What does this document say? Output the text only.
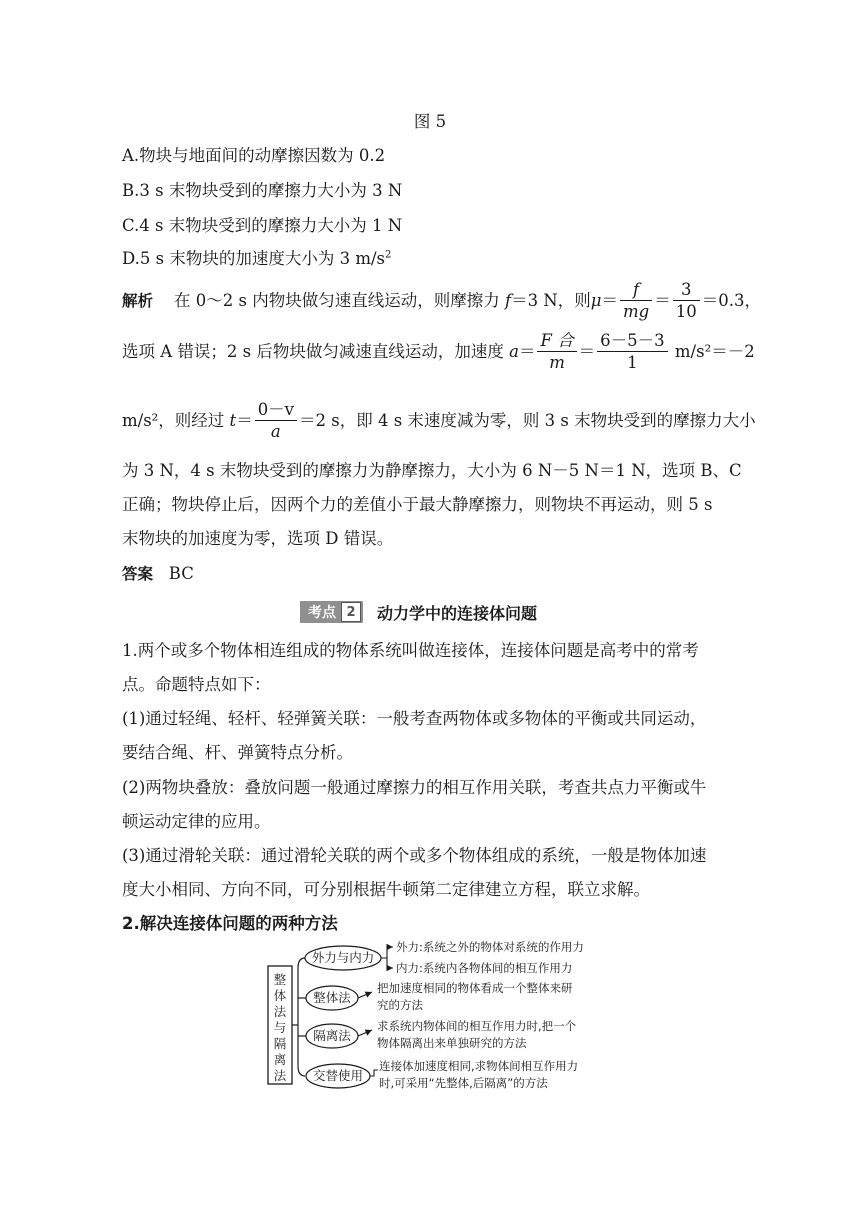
图 5
A.物块与地面间的动摩擦因数为 0.2
B.3 s 末物块受到的摩擦力大小为 3 N
C.4 s 末物块受到的摩擦力大小为 1 N
D.5 s 末物块的加速度大小为 3 $m/s^2$
解析 在 0～2 s 内物块做匀速直线运动，则摩擦力 f＝3 N，则$\mu= \frac{f}{mg} = \frac{3}{10} =0.3$，
选项 A 错误；2 s 后物块做匀减速直线运动，加速度 $a= \frac{\text{F 合}}{m} = \frac{6-5-3}{1} m/s^2=-2$
m/s²，则经过 $t= \frac{0-v}{a} =2$ s，即 4 s 末速度减为零，则 3 s 末物块受到的摩擦力大小
为 3 N，4 s 末物块受到的摩擦力为静摩擦力，大小为 6 N－5 N＝1 N，选项 B、C
正确；物块停止后，因两个力的差值小于最大静摩擦力，则物块不再运动，则 5 s
末物块的加速度为零，选项 D 错误。
答案 BC
考点 2	动力学中的连接体问题
1.两个或多个物体相连组成的物体系统叫做连接体，连接体问题是高考中的常考
点。命题特点如下：
(1)通过轻绳、轻杆、轻弹簧关联：一般考查两物体或多物体的平衡或共同运动，
要结合绳、杆、弹簧特点分析。
(2)两物块叠放：叠放问题一般通过摩擦力的相互作用关联，考查共点力平衡或牛
顿运动定律的应用。
(3)通过滑轮关联：通过滑轮关联的两个或多个物体组成的系统，一般是物体加速
度大小相同、方向不同，可分别根据牛顿第二定律建立方程，联立求解。
2.解决连接体问题的两种方法
整
体
法
与
隔
离
法
外力与内力
外力:系统之外的物体对系统的作用力
内力:系统内各物体间的相互作用力
整体法
把加速度相同的物体看成一个整体来研
究的方法
隔离法
求系统内物体间的相互作用力时,把一个
物体隔离出来单独研究的方法
交替使用
连接体加速度相同,求物体间相互作用力
时,可采用“先整体,后隔离”的方法
